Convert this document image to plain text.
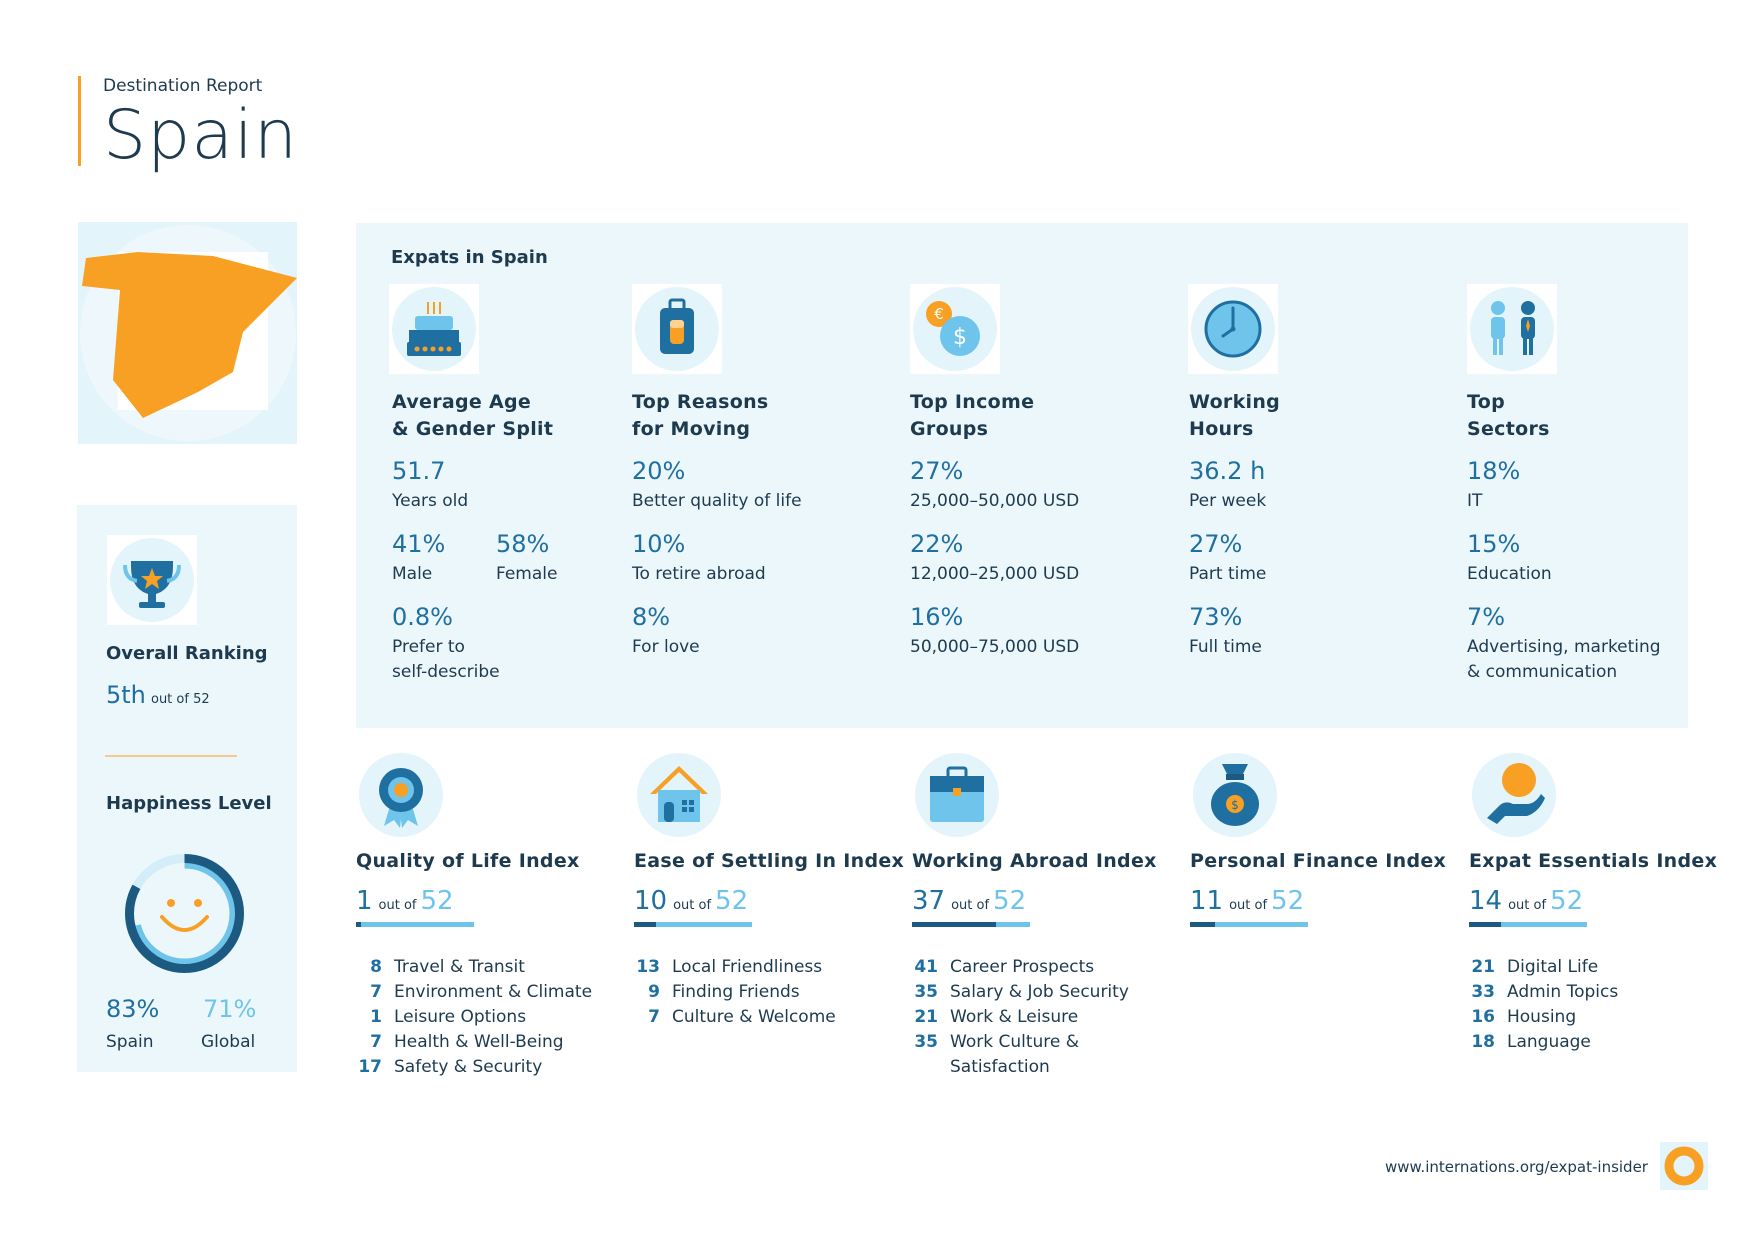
Destination Report
Spain
Overall Ranking
5th out of 52
Happiness Level
83% 71%
Spain	Global
Expats in Spain
Average Age
& Gender Split
51.7
Years old
41%
Male
58%
Female
0.8%
Prefer to
self-describe
Top Reasons
for Moving
20%
Better quality of life
10%
To retire abroad
8%
For love
€
$
Top Income
Groups
27%
25,000–50,000 USD
22%
12,000–25,000 USD
16%
50,000–75,000 USD
Working
Hours
36.2 h
Per week
27%
Part time
73%
Full time
Top
Sectors
18%
IT
15%
Education
7%
Advertising, marketing
& communication
$
Quality of Life Index
1 out of 52
8 Travel & Transit
7 Environment & Climate
1 Leisure Options
7 Health & Well-Being
17 Safety & Security
Ease of Settling In Index
10 out of 52
13 Local Friendliness
9 Finding Friends
7 Culture & Welcome
Working Abroad Index
37 out of 52
41 Career Prospects
35 Salary & Job Security
21 Work & Leisure
35 Work Culture &
Satisfaction
Personal Finance Index
11 out of 52
Expat Essentials Index
14 out of 52
21 Digital Life
33 Admin Topics
16 Housing
18 Language
www.internations.org/expat-insider
